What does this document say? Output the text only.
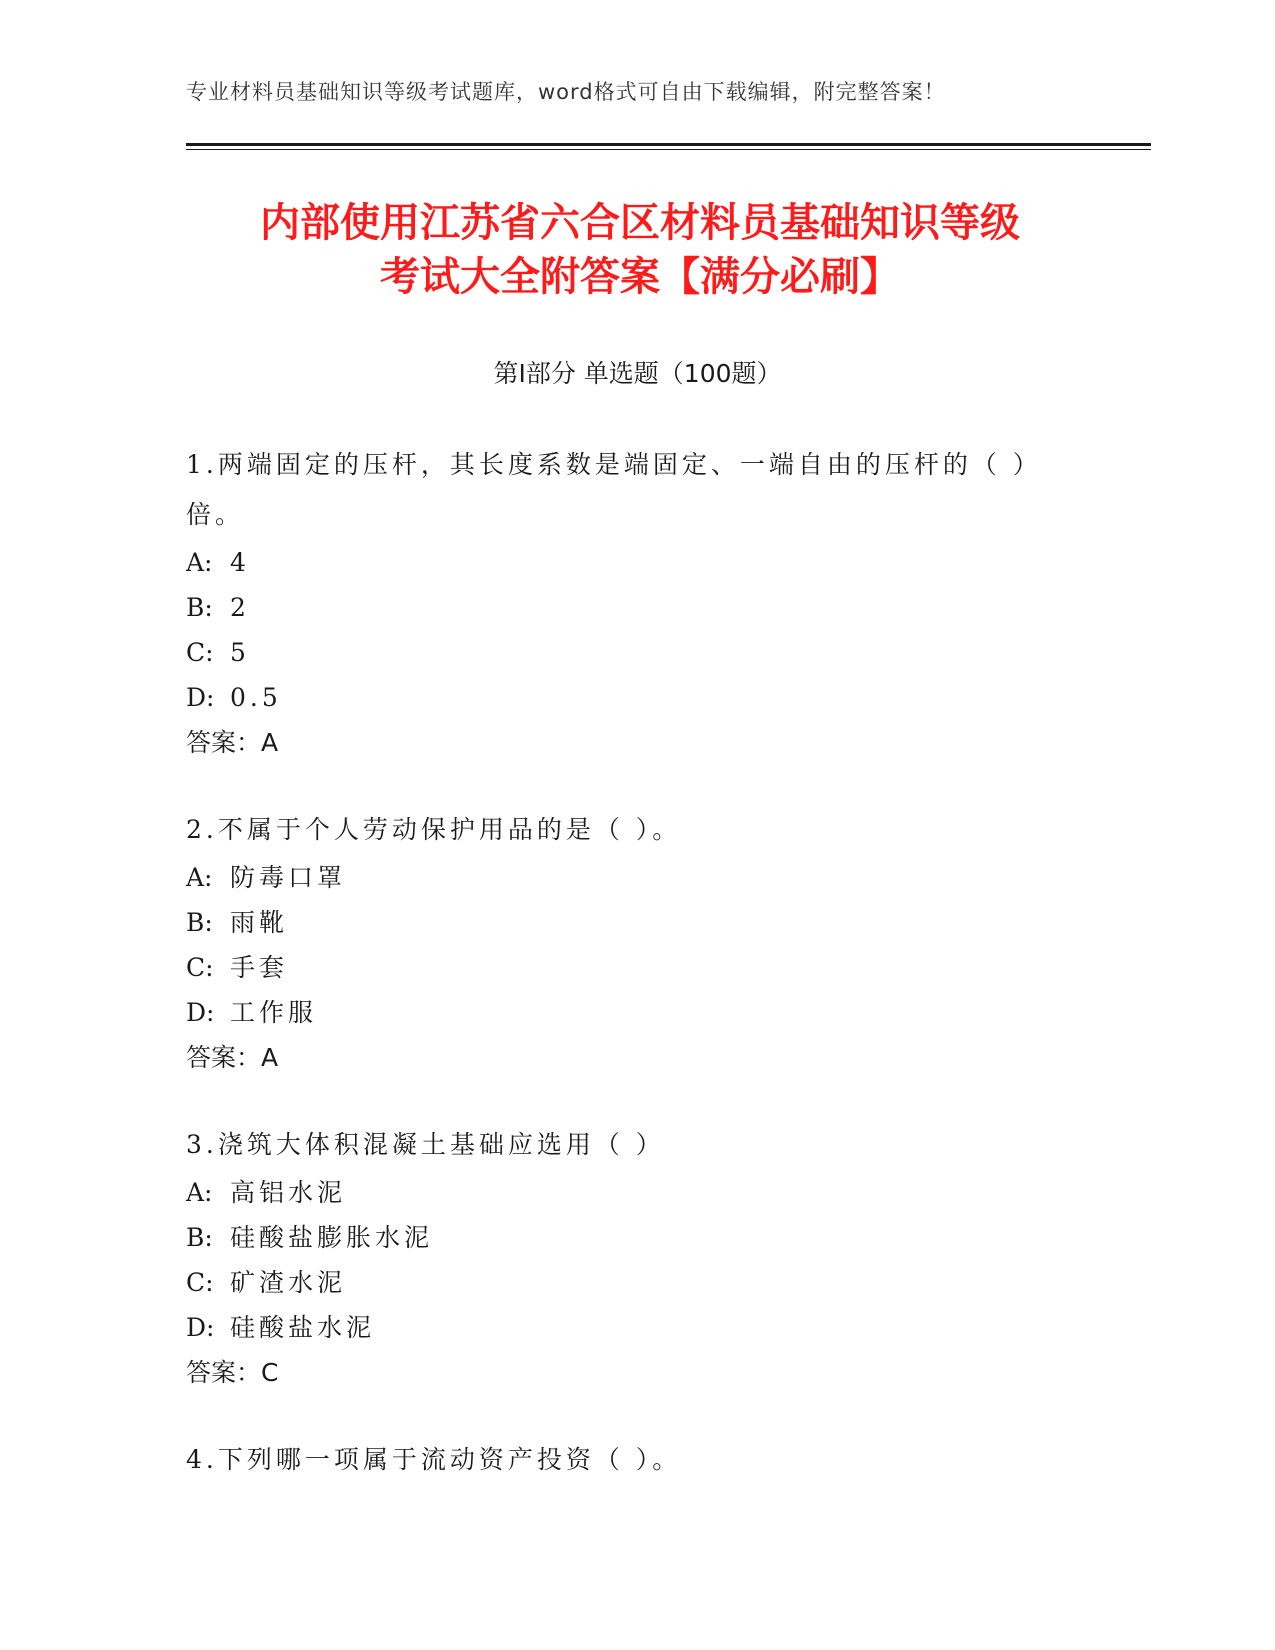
专业材料员基础知识等级考试题库，word格式可自由下载编辑，附完整答案！
内部使用江苏省六合区材料员基础知识等级
考试大全附答案【满分必刷】
第Ⅰ部分 单选题（100题）

1.两端固定的压杆，其长度系数是端固定、一端自由的压杆的（ ）倍。

A: 4

B: 2

C: 5

D: 0.5

答案：A

2.不属于个人劳动保护用品的是（ ）。

A: 防毒口罩

B: 雨靴

C: 手套

D: 工作服

答案：A

3.浇筑大体积混凝土基础应选用（ ）

A: 高铝水泥

B: 硅酸盐膨胀水泥

C: 矿渣水泥

D: 硅酸盐水泥

答案：C

4.下列哪一项属于流动资产投资（ ）。
